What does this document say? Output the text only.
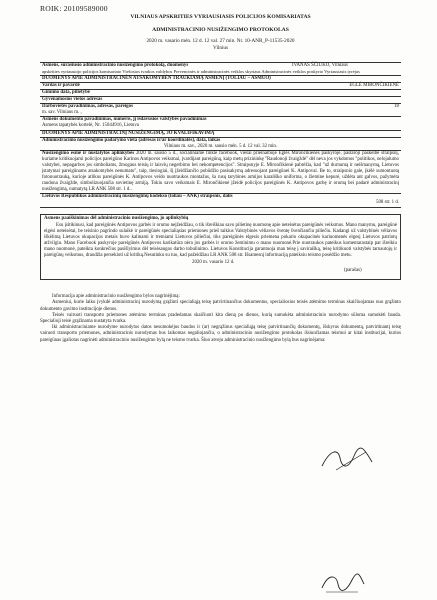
ROIK: 20109589000

VILNIAUS APSKRITIES VYRIAUSIASIS POLICIJOS KOMISARIATAS

ADMINISTRACINIO NUSIŽENGIMO PROTOKOLAS

2020 m. vasario mėn. 12 d. 12 val. 27 min. Nr. 10-ANR_P-11535-2020
Vilnius
Asmens, surašiusio administracinio nusižengimo protokolą, duomenys	IVANAS ŠČIUKO, Vilniaus
apskrities vyriausiojo policijos komisariato Viešosios tvarkos valdybos Prevencinės ir administracinės veiklos skyriaus Administracinės veiklos poskyrio Vyriausiasis tyrėjas
DUOMENYS APIE ADMINISTRACINĖN ATSAKOMYBĖN TRAUKIAMĄ ASMENĮ (TOLIAU – ASMUO)
Vardas ir pavardė	EGLĖ MIRONČIKIENĖ
Gimimo data, pilietybė
Gyvenamosios vietos adresas
Darbovietės pavadinimas, adresas, pareigos	18
m. sav. Vilniaus m. ,
Asmens dokumento pavadinimas, numeris, jį išdavusios valstybės pavadinimas
Asmens tapatybės kortelė, Nr. 15044916, Lietuva
DUOMENYS APIE ADMINISTRACINĮ NUSIŽENGIMĄ, JO KVALIFIKAVIMĄ
Administracinio nusižengimo padarymo vieta (adresas ir/ar koordinatės), data, laikas
Vilniaus m. sav., 2020 m. sausio mėn. 5 d. 12 val. 32 min.
Nusižengimo esmė ir nustatytos aplinkybės 2020 m. sausio 5 d., socialiniame tinkle facebook, viešai prieinamoje Eglės Mirončikienės paskyroje, pastaroji paskelbė straipsnį, kuriame kritikuojami policijos pareigūno Karinos Antipovos veiksmai, įvardijant pareigūną, kaip metų prizininkę "Raudonoji žvaigždė" dėl neva jos vykdomos "politikos, nelojalumo valstybei, nepagarbos jos simboliams, žmogaus teisių ir laisvių negerbimo bei nekompetencijos". Straipsnyje E. Mirončikienė pabrėžia, kad "už durnumą ir neišmanymą, Lietuvos įstatymai pareigūnams atsakomybės nenumato", taip, tiesiogiai, šį įžeidžiančio pobūdžio pasisakymą adresuojant pareigūnei K. Antipovai. Be to, straipsnio gale, įkėlė sumontuotą fotonuotrauką, kurioje atlikus pareigūnės K. Antipovos veido nuotraukos montažus, ša rusų tarybinės armijos karališko uniforma, o žiemine kepurė, uždėta ant galvos, pažymėta raudona žvaigžde, simbolizuojančia sovietinę armiją. Tokiu savo veiksmais E. Mirončikienė įžeidė policijos pareigūnės K. Antipovos garbę ir orumą bei padarė administracinį nusižengimą, numatytą LR ANK 508 str. 1 d..
Lietuvos Respublikos administracinių nusižengimų kodekso (toliau – ANK) straipsnis, dalis
508 str. 1 d.

Asmens paaiškinimas dėl administracinio nusižengimo, jo aplinkybių

Esu įsitikinusi, kad pareigūnės Antipovos garbės ir orumo neįžeidžiau, o tik išreiškiau savo pilietinę nuomonę apie neteisėtus pareigūnės veiksmus. Mano manymu, pareigūnė elgėsi neteisėtai, be teisinio pagrindo sulaikė ir pareigūnės specialiąsias priemones prieš taikius Valstybinės vėliavos šventę švenčiančiu piliečiu. Kadangi už valstybinės vėliavos iškėlimą Lietuvos okupacijos metais buvo kalinami ir tremiami Lietuvos piliečiai, tiks pareigūnės elgesis priemena pokario okupacinės kariuomenės elgesį Lietuvos patriotų atžvilgiu. Mano Facebook paskyroje pareigūnės Antipovos karikatūra nėra jos garbės ir orumo žeminimu o mano nuomonė.Prie nuotraukos pateikus komentarastaip pat išreikiu mano nuomonė, pateikta konkrečius pasišlyimus dėl teisėsaugos darbo tobulinimo. Lietuvos Konstitucija garantuoja man teisę į saviraišką, teisę kritikuoti valstybės tarnautojų ir pareigūnų veiksmus, draudžia persekioti už kritiką.Nesutinku su tuo, kad pažeidžiau LR ANK 508 str. Išsamesnį informaciją pateiksiu teismo posėdžio metu.

2020 m. vasario 12 d.
(parašas)

Informacija apie administracinio nusižengimo bylos nagrinėjimą:

Asmeniui, kurie laiku įvykdė administracinį nurodymą grąžinti specialiąją teisę patvirtinančius dokumentus, specialiosios teisės atėmimo terminas skaičiuojamas nuo grąžinto dokumento gavimo institucijoje dienos.

Teisės vairuoti transporto priemones atėmimo terminas pradedamas skaičiuoti kita dieną po dienos, kurią sumokėta administracinio nurodymo sūloma sumokėti bauda. Specialioji teisė grąžinama nustatyta tvarka.

Iki administraciniame nurodyme nurodytos datos nesumokėjus baudos ir (ar) negrąžinus specialiąją teisę patvirtinančių dokumentų, išskyrus dokumentą, patvirtinantį teisę vairuoti transporto priemones, administracinis nurodymas bus laikomas negaliojančiu, o administracinio nusižengimo protokolas išsiunčiamas teismui ar kitai institucijai, kurios pareigūnas įgaliotas nagrinėti administracinio nusižengimo bylą ne teismo tvarka. Šiuo atveju administracinio nusižengimo bylą bus nagrinėjama:
